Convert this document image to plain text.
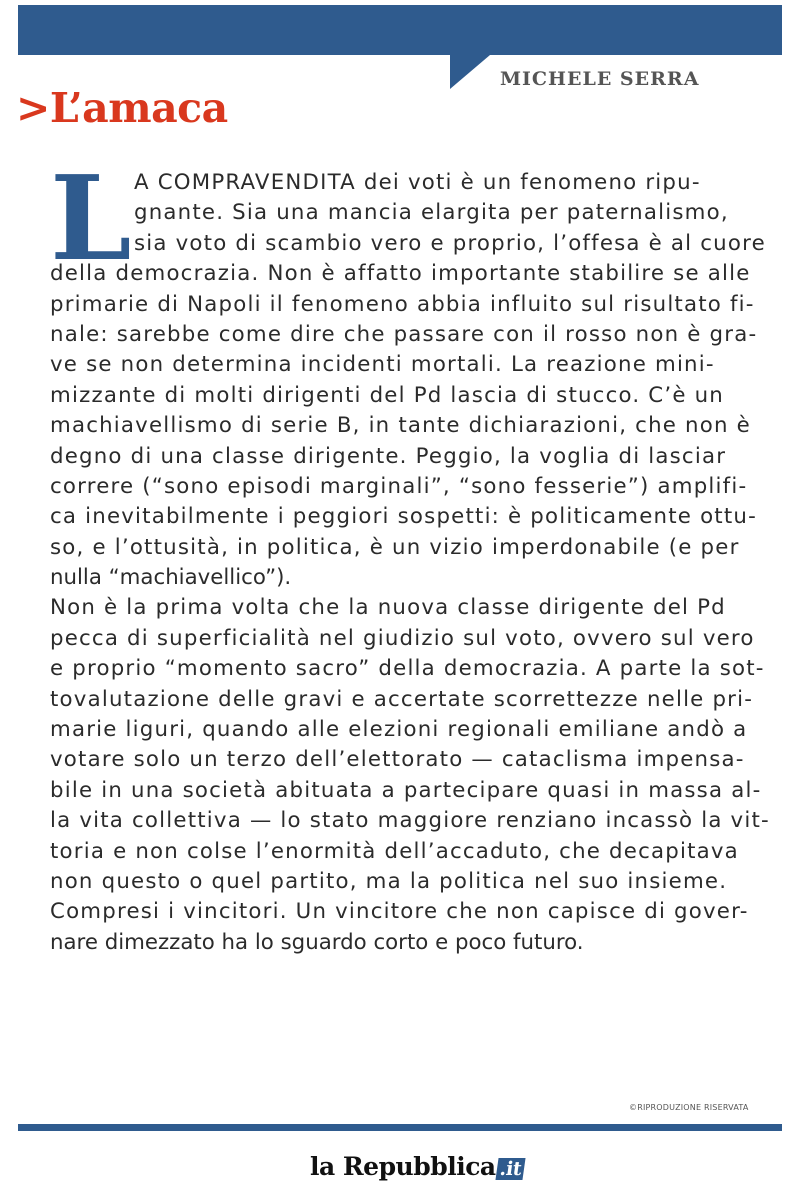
MICHELE SERRA
>L’amaca
L A COMPRAVENDITA dei voti è un fenomeno ripu-
gnante. Sia una mancia elargita per paternalismo,
sia voto di scambio vero e proprio, l’offesa è al cuore
della democrazia. Non è affatto importante stabilire se alle
primarie di Napoli il fenomeno abbia influito sul risultato fi-
nale: sarebbe come dire che passare con il rosso non è gra-
ve se non determina incidenti mortali. La reazione mini-
mizzante di molti dirigenti del Pd lascia di stucco. C’è un
machiavellismo di serie B, in tante dichiarazioni, che non è
degno di una classe dirigente. Peggio, la voglia di lasciar
correre (“sono episodi marginali”, “sono fesserie”) amplifi-
ca inevitabilmente i peggiori sospetti: è politicamente ottu-
so, e l’ottusità, in politica, è un vizio imperdonabile (e per
nulla “machiavellico”).
Non è la prima volta che la nuova classe dirigente del Pd
pecca di superficialità nel giudizio sul voto, ovvero sul vero
e proprio “momento sacro” della democrazia. A parte la sot-
tovalutazione delle gravi e accertate scorrettezze nelle pri-
marie liguri, quando alle elezioni regionali emiliane andò a
votare solo un terzo dell’elettorato — cataclisma impensa-
bile in una società abituata a partecipare quasi in massa al-
la vita collettiva — lo stato maggiore renziano incassò la vit-
toria e non colse l’enormità dell’accaduto, che decapitava
non questo o quel partito, ma la politica nel suo insieme.
Compresi i vincitori. Un vincitore che non capisce di gover-
nare dimezzato ha lo sguardo corto e poco futuro.
©RIPRODUZIONE RISERVATA
la Repubblica .it
